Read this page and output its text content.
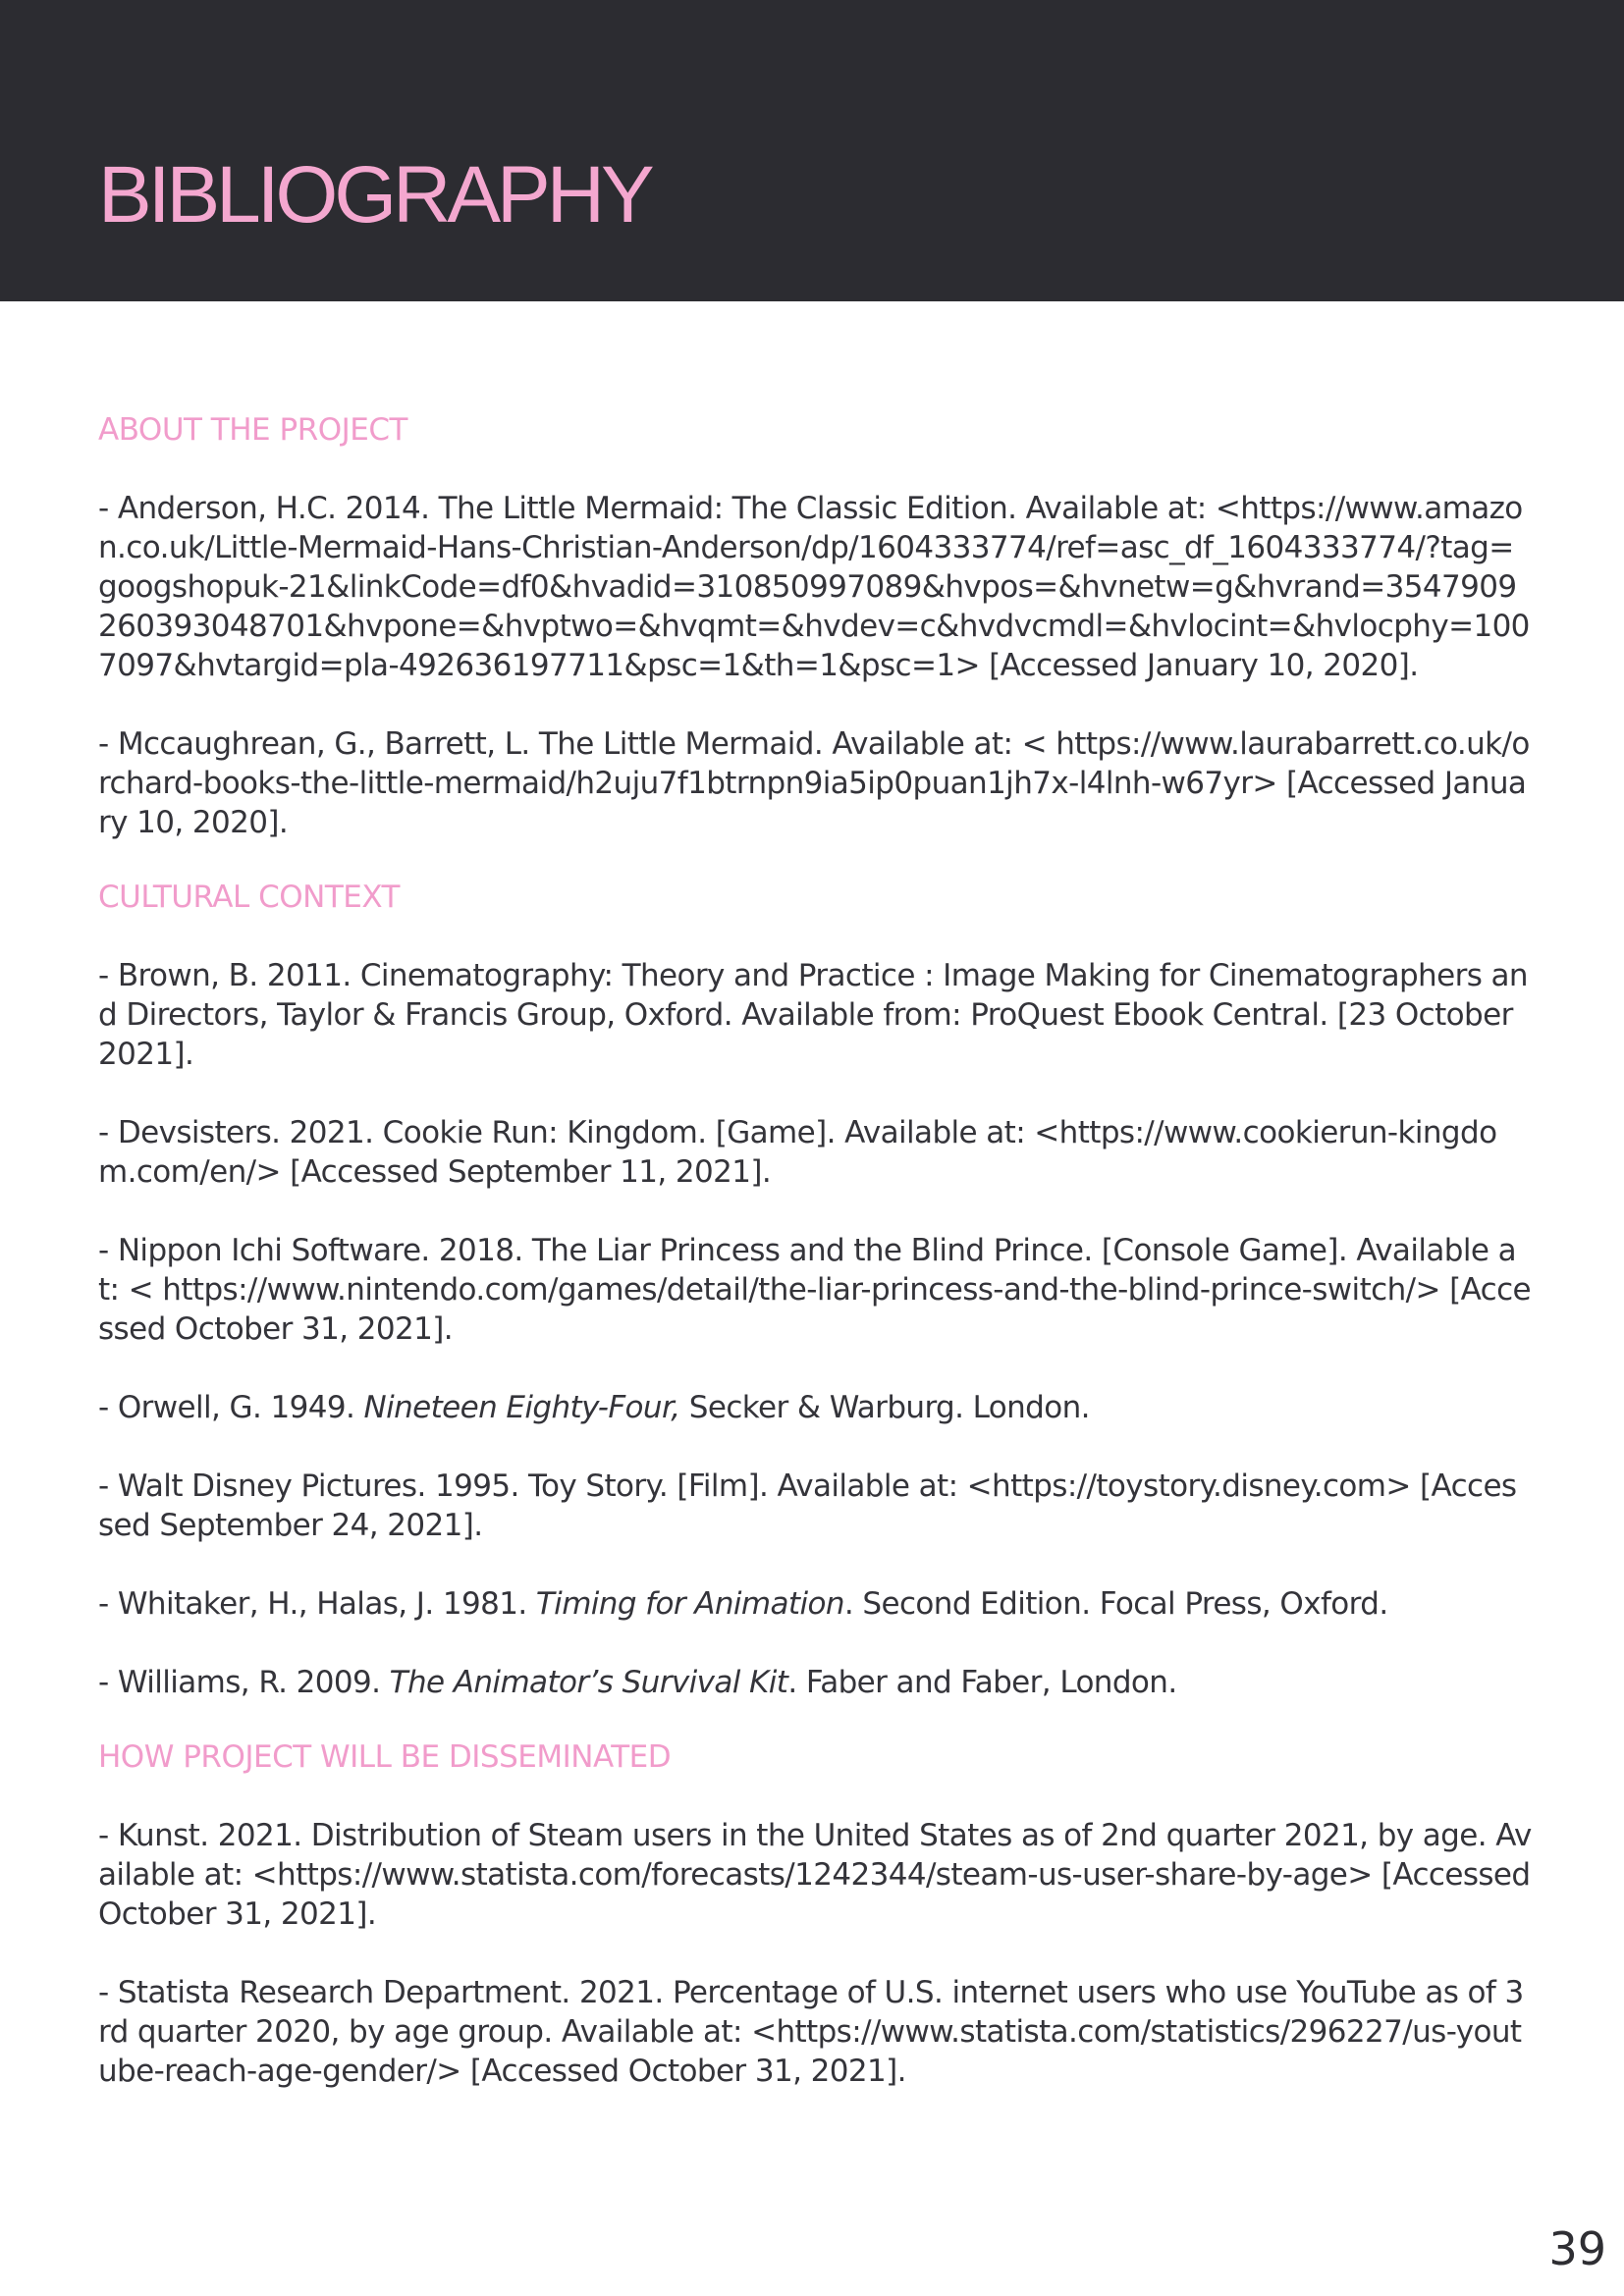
BIBLIOGRAPHY
ABOUT THE PROJECT

- Anderson, H.C. 2014. The Little Mermaid: The Classic Edition. Available at: <https://www.amazon.co.uk/Little-Mermaid-Hans-Christian-Anderson/dp/1604333774/ref=asc_df_1604333774/?tag=googshopuk-21&linkCode=df0&hvadid=310850997089&hvpos=&hvnetw=g&hvrand=3547909260393048701&hvpone=&hvptwo=&hvqmt=&hvdev=c&hvdvcmdl=&hvlocint=&hvlocphy=1007097&hvtargid=pla-492636197711&psc=1&th=1&psc=1> [Accessed January 10, 2020].

- Mccaughrean, G., Barrett, L. The Little Mermaid. Available at: < https://www.laurabarrett.co.uk/orchard-books-the-little-mermaid/h2uju7f1btrnpn9ia5ip0puan1jh7x-l4lnh-w67yr> [Accessed January 10, 2020].

CULTURAL CONTEXT

- Brown, B. 2011. Cinematography: Theory and Practice : Image Making for Cinematographers and Directors, Taylor & Francis Group, Oxford. Available from: ProQuest Ebook Central. [23 October 2021].

- Devsisters. 2021. Cookie Run: Kingdom. [Game]. Available at: <https://www.cookierun-kingdom.com/en/> [Accessed September 11, 2021].

- Nippon Ichi Software. 2018. The Liar Princess and the Blind Prince. [Console Game]. Available at: < https://www.nintendo.com/games/detail/the-liar-princess-and-the-blind-prince-switch/> [Accessed October 31, 2021].

- Orwell, G. 1949. Nineteen Eighty-Four, Secker & Warburg. London.

- Walt Disney Pictures. 1995. Toy Story. [Film]. Available at: <https://toystory.disney.com> [Accessed September 24, 2021].

- Whitaker, H., Halas, J. 1981. Timing for Animation. Second Edition. Focal Press, Oxford.

- Williams, R. 2009. The Animator’s Survival Kit. Faber and Faber, London.

HOW PROJECT WILL BE DISSEMINATED

- Kunst. 2021. Distribution of Steam users in the United States as of 2nd quarter 2021, by age. Available at: <https://www.statista.com/forecasts/1242344/steam-us-user-share-by-age> [Accessed October 31, 2021].

- Statista Research Department. 2021. Percentage of U.S. internet users who use YouTube as of 3rd quarter 2020, by age group. Available at: <https://www.statista.com/statistics/296227/us-youtube-reach-age-gender/> [Accessed October 31, 2021].

39
